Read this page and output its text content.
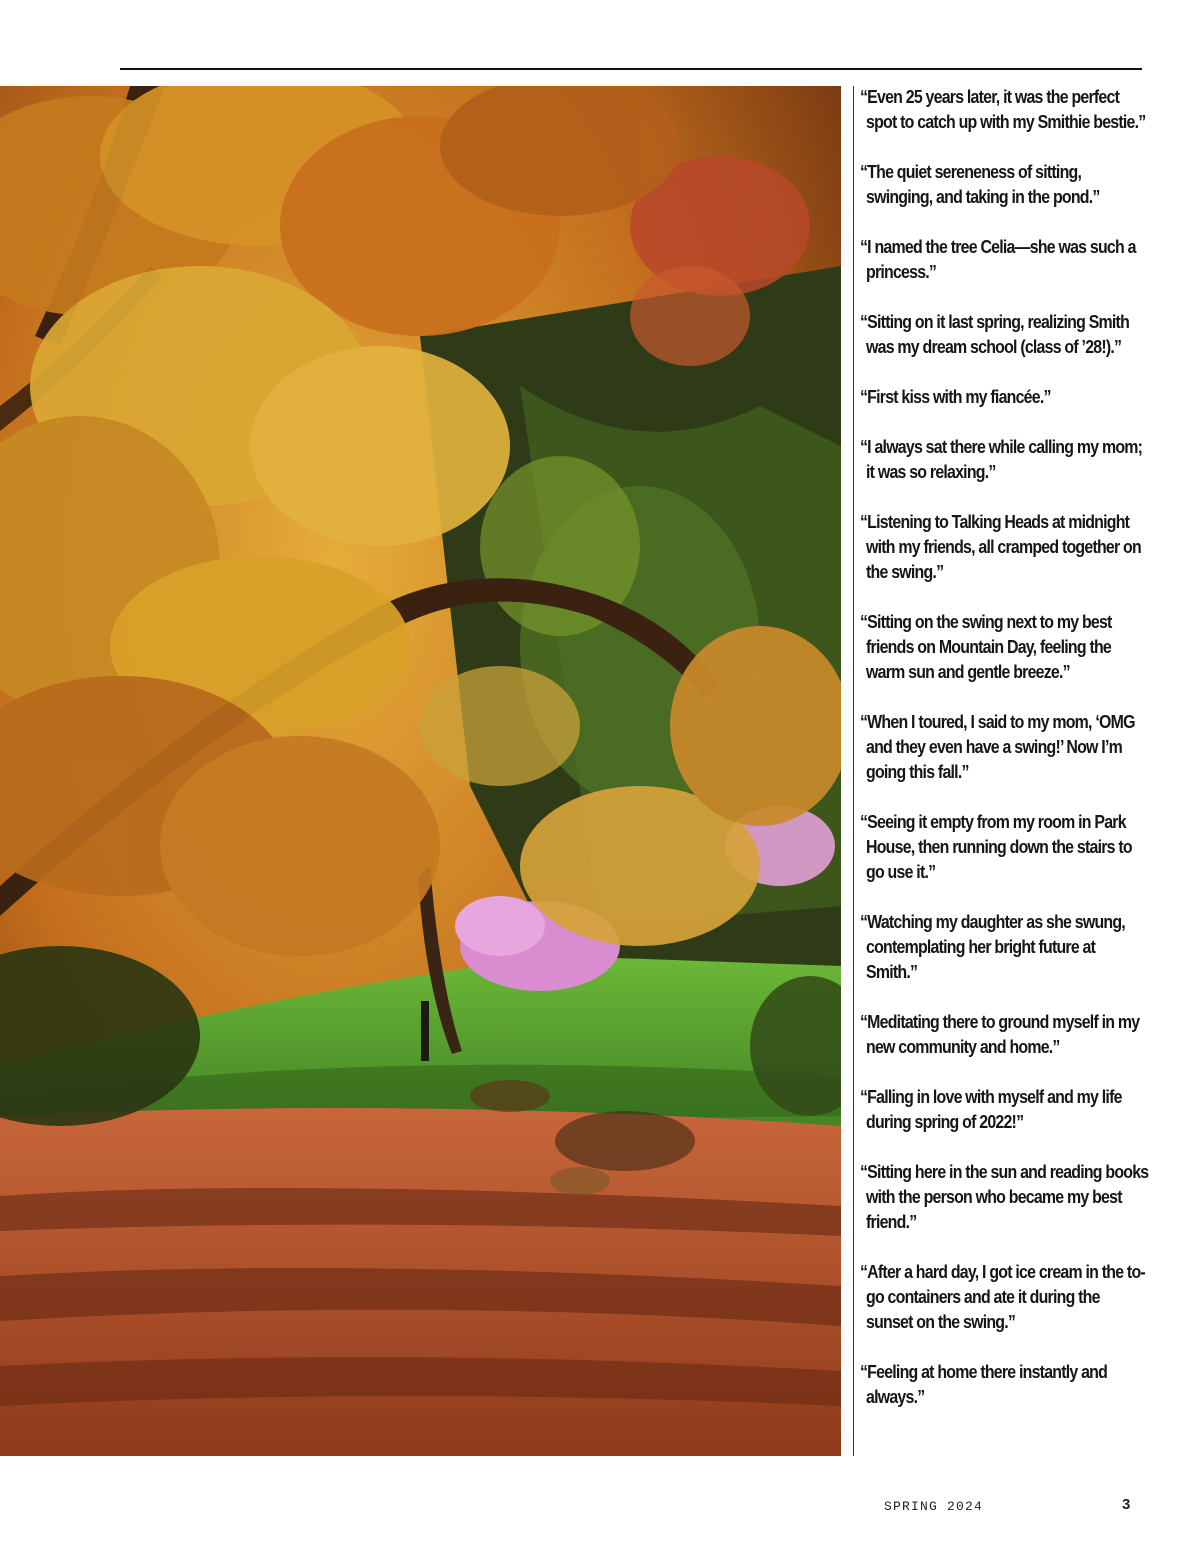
“Even 25 years later, it was the perfect spot to catch up with my Smithie bestie.”
“The quiet sereneness of sitting, swinging, and taking in the pond.”
“I named the tree Celia—she was such a princess.”
“Sitting on it last spring, realizing Smith was my dream school (class of ’28!).”
“First kiss with my fiancée.”
“I always sat there while calling my mom; it was so relaxing.”
“Listening to Talking Heads at midnight with my friends, all cramped together on the swing.”
“Sitting on the swing next to my best friends on Mountain Day, feeling the warm sun and gentle breeze.”
“When I toured, I said to my mom, ‘OMG and they even have a swing!’ Now I’m going this fall.”
“Seeing it empty from my room in Park House, then running down the stairs to go use it.”
“Watching my daughter as she swung, contemplating her bright future at Smith.”
“Meditating there to ground myself in my new community and home.”
“Falling in love with myself and my life during spring of 2022!”
“Sitting here in the sun and reading books with the person who became my best friend.”
“After a hard day, I got ice cream in the to-go containers and ate it during the sunset on the swing.”
“Feeling at home there instantly and always.”
SPRING 2024	3
